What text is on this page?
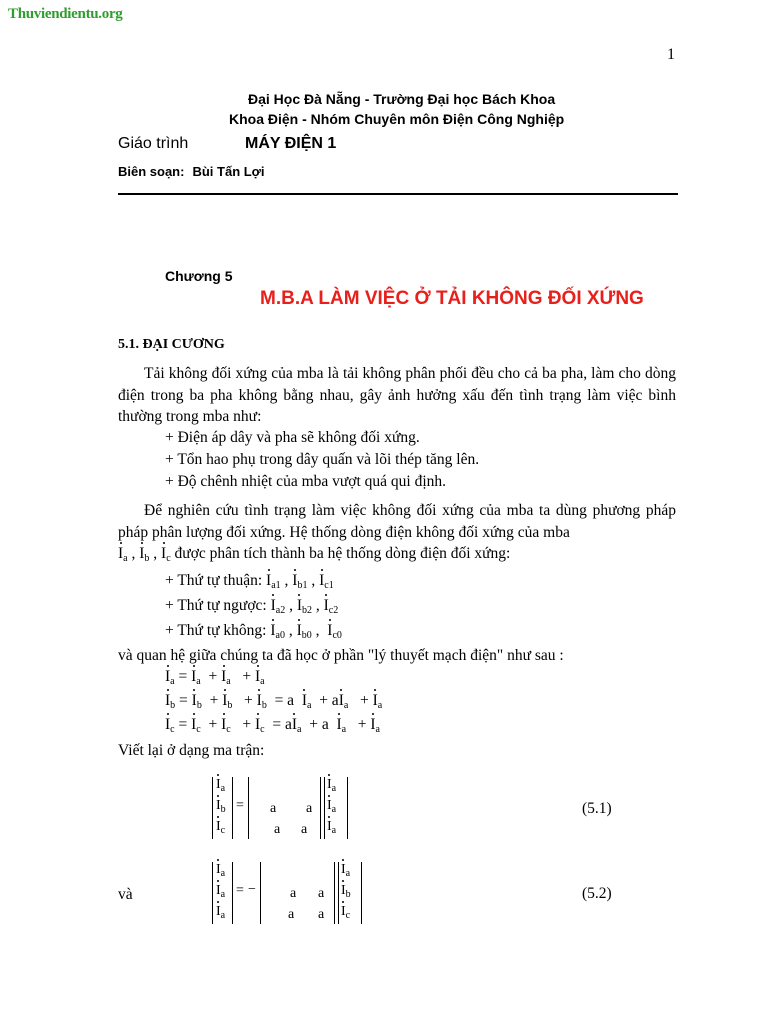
Thuviendientu.org
1
Đại Học Đà Nẵng - Trường Đại học Bách Khoa
Khoa Điện - Nhóm Chuyên môn Điện Công Nghiệp
Giáo trình	MÁY ĐIỆN 1
Biên soạn: Bùi Tấn Lợi
Chương 5
M.B.A LÀM VIỆC Ở TẢI KHÔNG ĐỐI XỨNG
5.1. ĐẠI CƯƠNG
Tải không đối xứng của mba là tải không phân phối đều cho cả ba pha, làm cho dòng điện trong ba pha không bằng nhau, gây ảnh hưởng xấu đến tình trạng làm việc bình thường trong mba như:
+ Điện áp dây và pha sẽ không đối xứng.
+ Tổn hao phụ trong dây quấn và lõi thép tăng lên.
+ Độ chênh nhiệt của mba vượt quá qui định.
Để nghiên cứu tình trạng làm việc không đối xứng của mba ta dùng phương pháp pháp phân lượng đối xứng. Hệ thống dòng điện không đối xứng của mba
$I_a$ , $I_b$ , $I_c$ được phân tích thành ba hệ thống dòng điện đối xứng:
+ Thứ tự thuận: $I_{a1}$ , $I_{b1}$ , $I_{c1}$
+ Thứ tự ngược: $I_{a2}$ , $I_{b2}$ , $I_{c2}$
+ Thứ tự không: $I_{a0}$ , $I_{b0}$ ,  $I_{c0}$
và quan hệ giữa chúng ta đã học ở phần "lý thuyết mạch điện" như sau :
$I_a = I_a + I_a + I_a$
$I_b = I_b + I_b + I_b = a$  $I_a + aI_a + I_a$
$I_c = I_c + I_c + I_c = aI_a + a$  $I_a + I_a$
Viết lại ở dạng ma trận:
$I_a$
$I_b$
$I_c$
= a a
a a
$I_a$
$I_a$
$I_a$
(5.1)
và
$I_a$
$I_a$
$I_a$
= − a a
a a
$I_a$
$I_b$
$I_c$
(5.2)
